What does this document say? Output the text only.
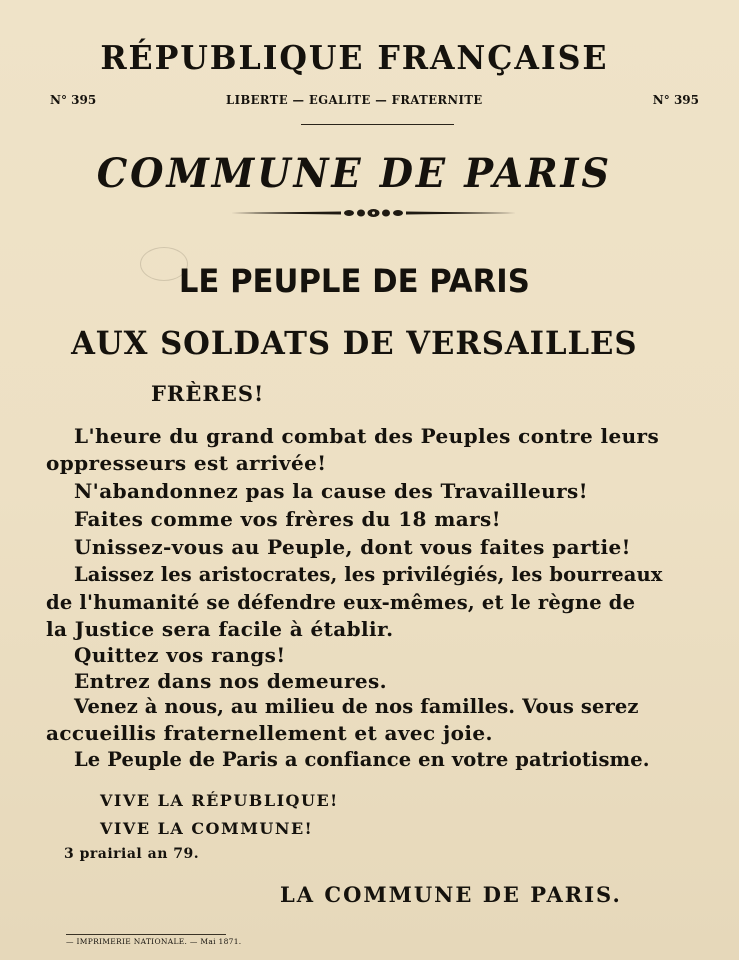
RÉPUBLIQUE FRANÇAISE
N° 395	LIBERTE — EGALITE — FRATERNITE	N° 395
COMMUNE DE PARIS
LE PEUPLE DE PARIS
AUX SOLDATS DE VERSAILLES
FRÈRES!
L'heure du grand combat des Peuples contre leurs
oppresseurs est arrivée!
N'abandonnez pas la cause des Travailleurs!
Faites comme vos frères du 18 mars!
Unissez-vous au Peuple, dont vous faites partie!
Laissez les aristocrates, les privilégiés, les bourreaux
de l'humanité se défendre eux-mêmes, et le règne de
la Justice sera facile à établir.
Quittez vos rangs!
Entrez dans nos demeures.
Venez à nous, au milieu de nos familles. Vous serez
accueillis fraternellement et avec joie.
Le Peuple de Paris a confiance en votre patriotisme.
VIVE LA RÉPUBLIQUE!
VIVE LA COMMUNE!
3 prairial an 79.
LA COMMUNE DE PARIS.
— IMPRIMERIE NATIONALE. — Mai 1871.
